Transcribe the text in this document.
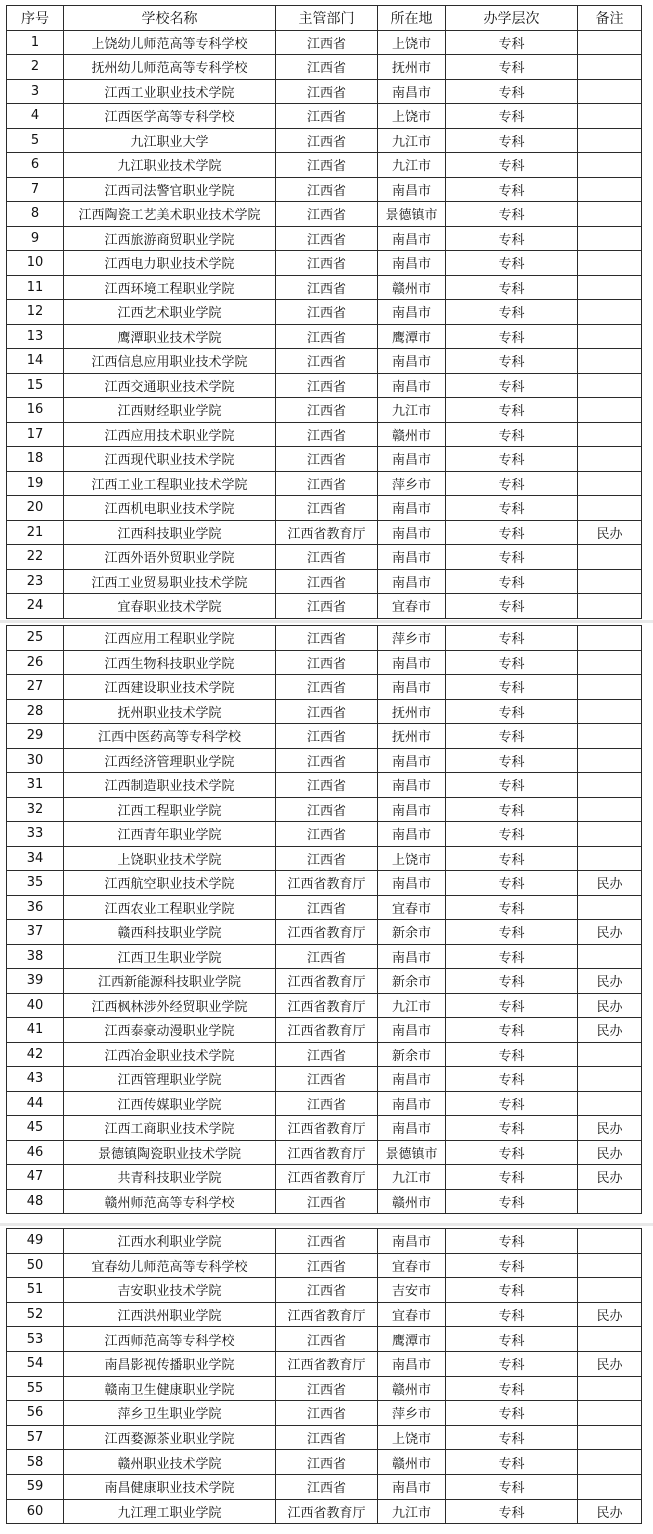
序号	学校名称	主管部门	所在地	办学层次	备注
1	上饶幼儿师范高等专科学校	江西省	上饶市	专科	
2	抚州幼儿师范高等专科学校	江西省	抚州市	专科	
3	江西工业职业技术学院	江西省	南昌市	专科	
4	江西医学高等专科学校	江西省	上饶市	专科	
5	九江职业大学	江西省	九江市	专科	
6	九江职业技术学院	江西省	九江市	专科	
7	江西司法警官职业学院	江西省	南昌市	专科	
8	江西陶瓷工艺美术职业技术学院	江西省	景德镇市	专科	
9	江西旅游商贸职业学院	江西省	南昌市	专科	
10	江西电力职业技术学院	江西省	南昌市	专科	
11	江西环境工程职业学院	江西省	赣州市	专科	
12	江西艺术职业学院	江西省	南昌市	专科	
13	鹰潭职业技术学院	江西省	鹰潭市	专科	
14	江西信息应用职业技术学院	江西省	南昌市	专科	
15	江西交通职业技术学院	江西省	南昌市	专科	
16	江西财经职业学院	江西省	九江市	专科	
17	江西应用技术职业学院	江西省	赣州市	专科	
18	江西现代职业技术学院	江西省	南昌市	专科	
19	江西工业工程职业技术学院	江西省	萍乡市	专科	
20	江西机电职业技术学院	江西省	南昌市	专科	
21	江西科技职业学院	江西省教育厅	南昌市	专科	民办
22	江西外语外贸职业学院	江西省	南昌市	专科	
23	江西工业贸易职业技术学院	江西省	南昌市	专科	
24	宜春职业技术学院	江西省	宜春市	专科	
25	江西应用工程职业学院	江西省	萍乡市	专科	
26	江西生物科技职业学院	江西省	南昌市	专科	
27	江西建设职业技术学院	江西省	南昌市	专科	
28	抚州职业技术学院	江西省	抚州市	专科	
29	江西中医药高等专科学校	江西省	抚州市	专科	
30	江西经济管理职业学院	江西省	南昌市	专科	
31	江西制造职业技术学院	江西省	南昌市	专科	
32	江西工程职业学院	江西省	南昌市	专科	
33	江西青年职业学院	江西省	南昌市	专科	
34	上饶职业技术学院	江西省	上饶市	专科	
35	江西航空职业技术学院	江西省教育厅	南昌市	专科	民办
36	江西农业工程职业学院	江西省	宜春市	专科	
37	赣西科技职业学院	江西省教育厅	新余市	专科	民办
38	江西卫生职业学院	江西省	南昌市	专科	
39	江西新能源科技职业学院	江西省教育厅	新余市	专科	民办
40	江西枫林涉外经贸职业学院	江西省教育厅	九江市	专科	民办
41	江西泰豪动漫职业学院	江西省教育厅	南昌市	专科	民办
42	江西冶金职业技术学院	江西省	新余市	专科	
43	江西管理职业学院	江西省	南昌市	专科	
44	江西传媒职业学院	江西省	南昌市	专科	
45	江西工商职业技术学院	江西省教育厅	南昌市	专科	民办
46	景德镇陶瓷职业技术学院	江西省教育厅	景德镇市	专科	民办
47	共青科技职业学院	江西省教育厅	九江市	专科	民办
48	赣州师范高等专科学校	江西省	赣州市	专科	
49	江西水利职业学院	江西省	南昌市	专科	
50	宜春幼儿师范高等专科学校	江西省	宜春市	专科	
51	吉安职业技术学院	江西省	吉安市	专科	
52	江西洪州职业学院	江西省教育厅	宜春市	专科	民办
53	江西师范高等专科学校	江西省	鹰潭市	专科	
54	南昌影视传播职业学院	江西省教育厅	南昌市	专科	民办
55	赣南卫生健康职业学院	江西省	赣州市	专科	
56	萍乡卫生职业学院	江西省	萍乡市	专科	
57	江西婺源茶业职业学院	江西省	上饶市	专科	
58	赣州职业技术学院	江西省	赣州市	专科	
59	南昌健康职业技术学院	江西省	南昌市	专科	
60	九江理工职业学院	江西省教育厅	九江市	专科	民办
